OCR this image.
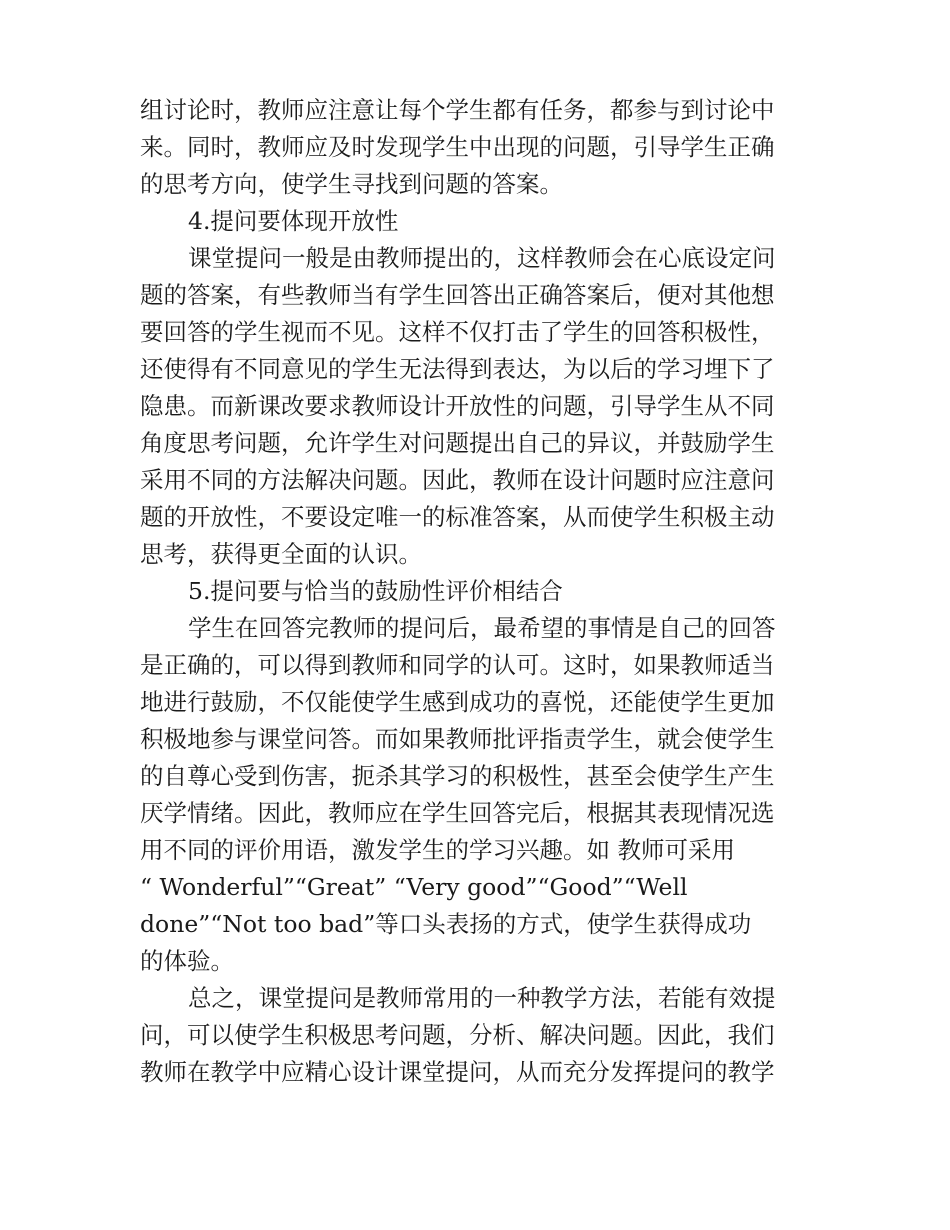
组讨论时，教师应注意让每个学生都有任务，都参与到讨论中
来。同时，教师应及时发现学生中出现的问题，引导学生正确
的思考方向，使学生寻找到问题的答案。
4.提问要体现开放性
课堂提问一般是由教师提出的，这样教师会在心底设定问
题的答案，有些教师当有学生回答出正确答案后，便对其他想
要回答的学生视而不见。这样不仅打击了学生的回答积极性，
还使得有不同意见的学生无法得到表达，为以后的学习埋下了
隐患。而新课改要求教师设计开放性的问题，引导学生从不同
角度思考问题，允许学生对问题提出自己的异议，并鼓励学生
采用不同的方法解决问题。因此，教师在设计问题时应注意问
题的开放性，不要设定唯一的标准答案，从而使学生积极主动
思考，获得更全面的认识。
5.提问要与恰当的鼓励性评价相结合
学生在回答完教师的提问后，最希望的事情是自己的回答
是正确的，可以得到教师和同学的认可。这时，如果教师适当
地进行鼓励，不仅能使学生感到成功的喜悦，还能使学生更加
积极地参与课堂问答。而如果教师批评指责学生，就会使学生
的自尊心受到伤害，扼杀其学习的积极性，甚至会使学生产生
厌学情绪。因此，教师应在学生回答完后，根据其表现情况选
用不同的评价用语，激发学生的学习兴趣。如 教师可采用
“ Wonderful”“Great” “Very good”“Good”“Well
done”“Not too bad”等口头表扬的方式，使学生获得成功
的体验。
总之，课堂提问是教师常用的一种教学方法，若能有效提
问，可以使学生积极思考问题，分析、解决问题。因此，我们
教师在教学中应精心设计课堂提问，从而充分发挥提问的教学
